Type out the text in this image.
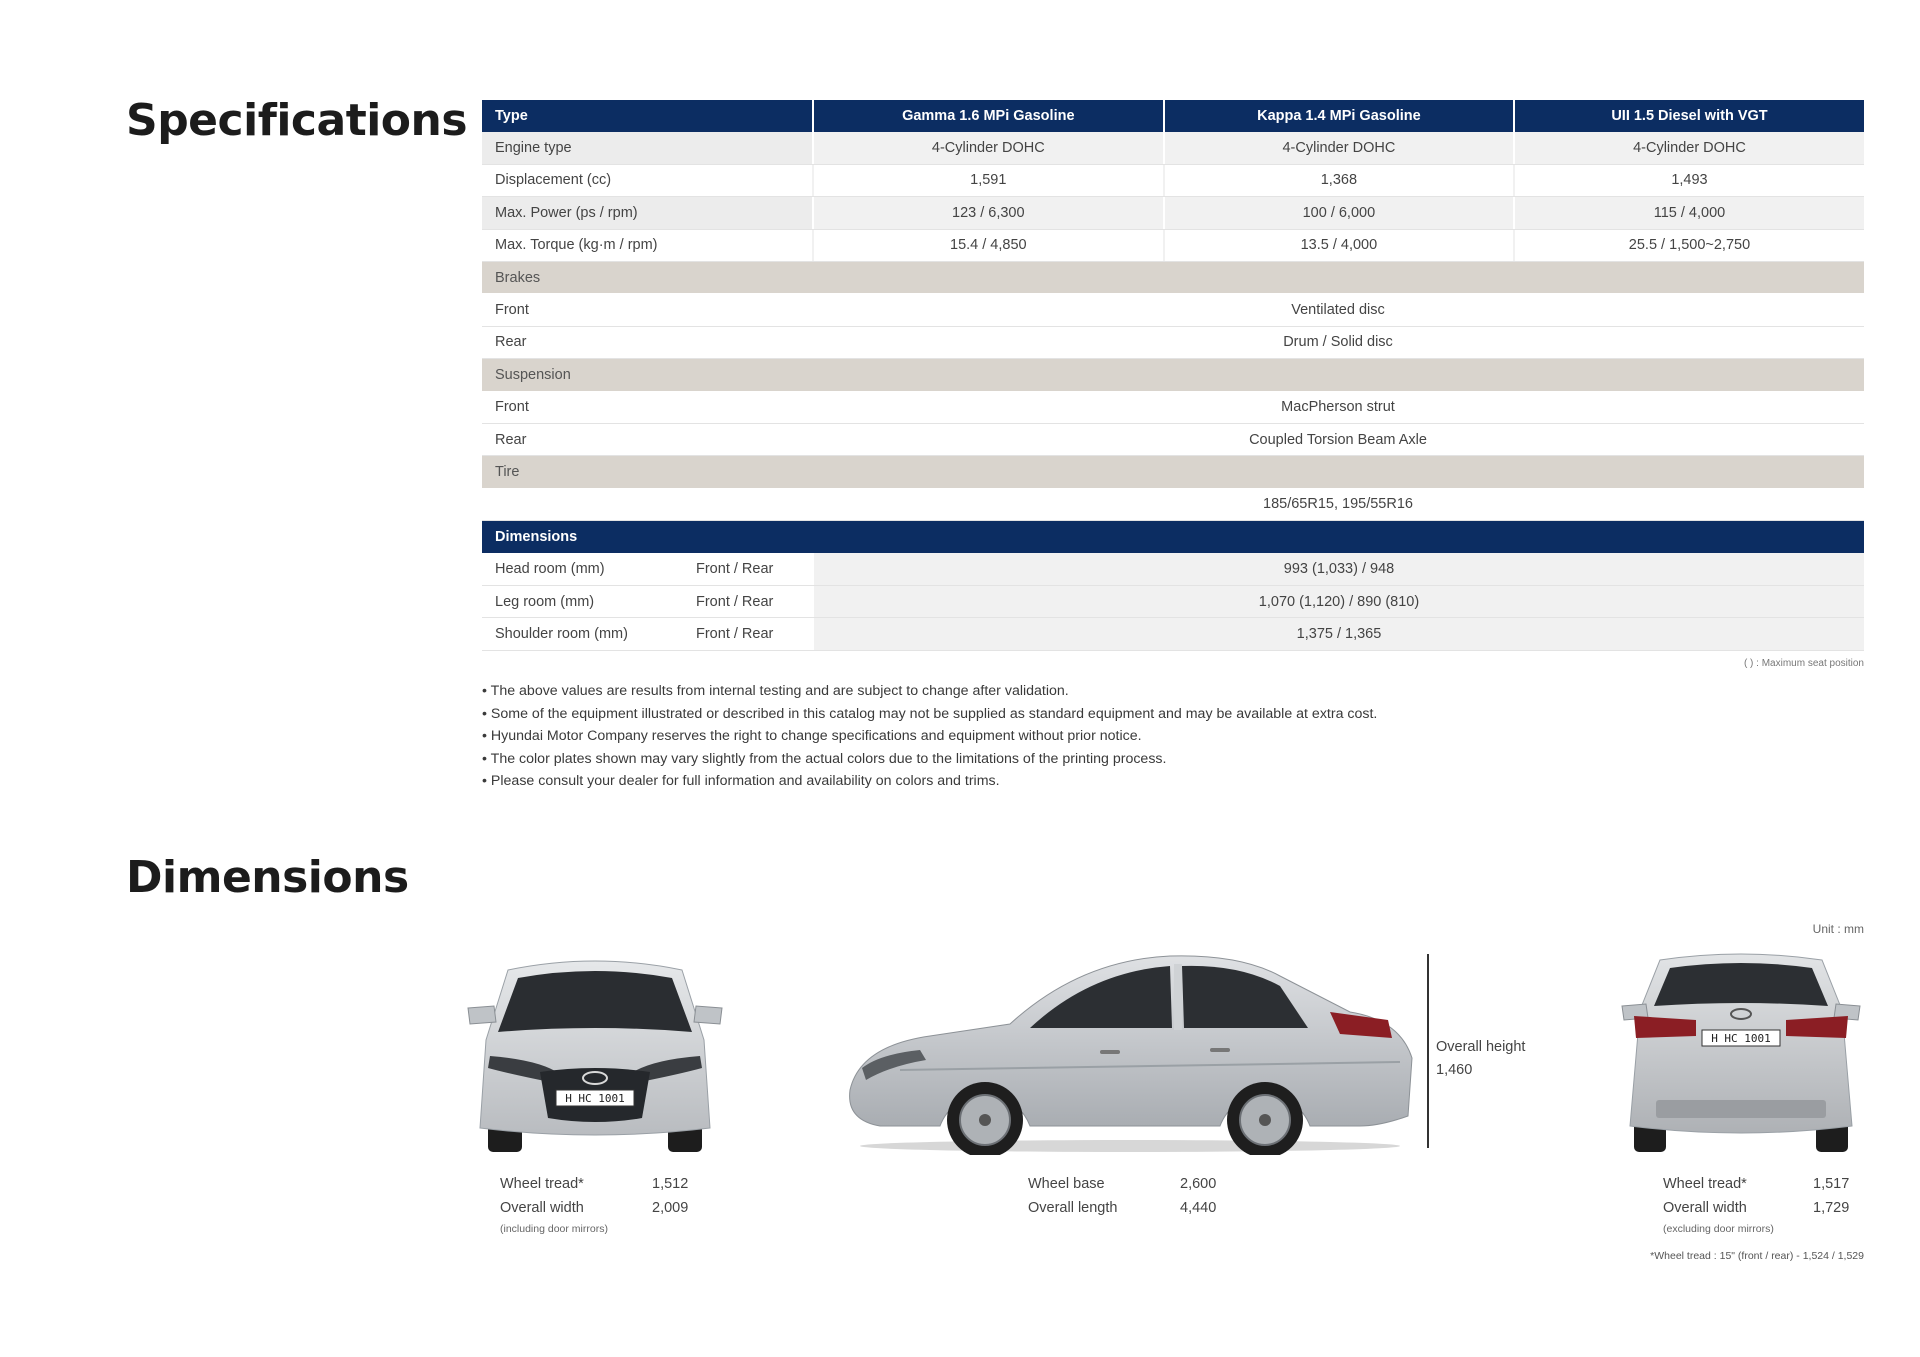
Specifications	Type	Gamma 1.6 MPi Gasoline	Kappa 1.4 MPi Gasoline	UII 1.5 Diesel with VGT
Engine type	4-Cylinder DOHC	4-Cylinder DOHC	4-Cylinder DOHC
Displacement (cc)	1,591	1,368	1,493
Max. Power (ps / rpm)	123 / 6,300	100 / 6,000	115 / 4,000
Max. Torque (kg·m / rpm)	15.4 / 4,850	13.5 / 4,000	25.5 / 1,500~2,750
Brakes
Front	Ventilated disc
Rear	Drum / Solid disc
Suspension
Front	MacPherson strut
Rear	Coupled Torsion Beam Axle
Tire
185/65R15, 195/55R16
Dimensions
Head room (mm)	Front / Rear	993 (1,033) / 948
Leg room (mm)	Front / Rear	1,070 (1,120) / 890 (810)
Shoulder room (mm)	Front / Rear	1,375 / 1,365
( ) : Maximum seat position
• The above values are results from internal testing and are subject to change after validation.
• Some of the equipment illustrated or described in this catalog may not be supplied as standard equipment and may be available at extra cost.
• Hyundai Motor Company reserves the right to change specifications and equipment without prior notice.
• The color plates shown may vary slightly from the actual colors due to the limitations of the printing process.
• Please consult your dealer for full information and availability on colors and trims.
Dimensions
Unit : mm
H HC 1001
Overall height
1,460
H HC 1001
Wheel tread*	1,512
Overall width	2,009
(including door mirrors)
Wheel base	2,600
Overall length	4,440
Wheel tread*	1,517
Overall width	1,729
(excluding door mirrors)
*Wheel tread : 15" (front / rear) - 1,524 / 1,529
